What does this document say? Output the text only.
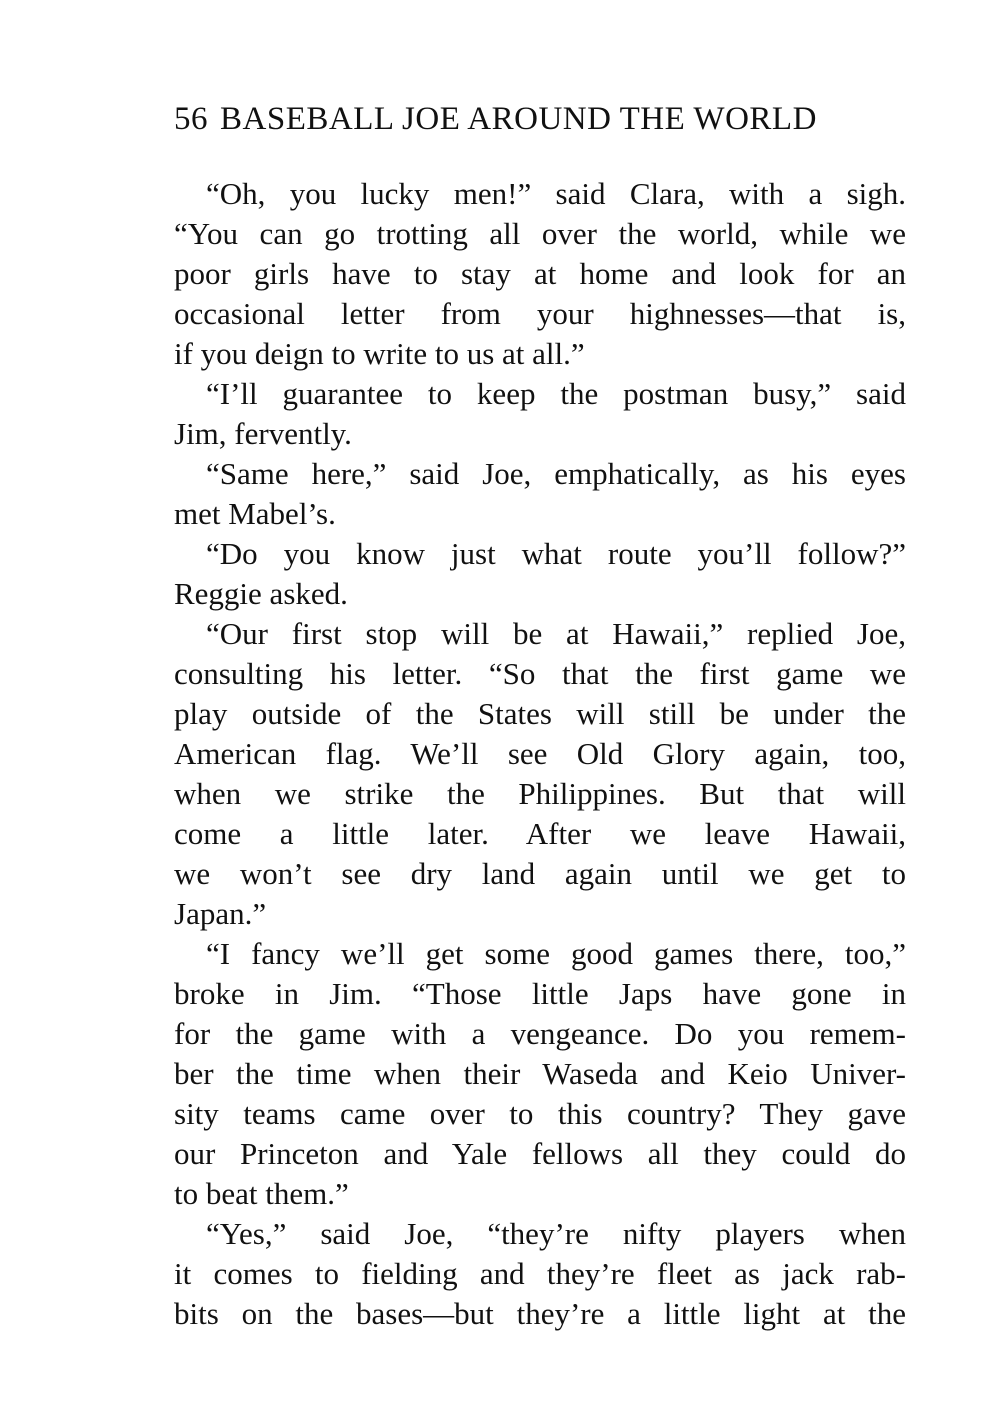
56 BASEBALL JOE AROUND THE WORLD
“Oh, you lucky men!” said Clara, with a sigh.
“You can go trotting all over the world, while we
poor girls have to stay at home and look for an
occasional letter from your highnesses—that is,
if you deign to write to us at all.”
“I’ll guarantee to keep the postman busy,” said
Jim, fervently.
“Same here,” said Joe, emphatically, as his eyes
met Mabel’s.
“Do you know just what route you’ll follow?”
Reggie asked.
“Our first stop will be at Hawaii,” replied Joe,
consulting his letter. “So that the first game we
play outside of the States will still be under the
American flag. We’ll see Old Glory again, too,
when we strike the Philippines. But that will
come a little later. After we leave Hawaii,
we won’t see dry land again until we get to
Japan.”
“I fancy we’ll get some good games there, too,”
broke in Jim. “Those little Japs have gone in
for the game with a vengeance. Do you remem-
ber the time when their Waseda and Keio Univer-
sity teams came over to this country? They gave
our Princeton and Yale fellows all they could do
to beat them.”
“Yes,” said Joe, “they’re nifty players when
it comes to fielding and they’re fleet as jack rab-
bits on the bases—but they’re a little light at the
